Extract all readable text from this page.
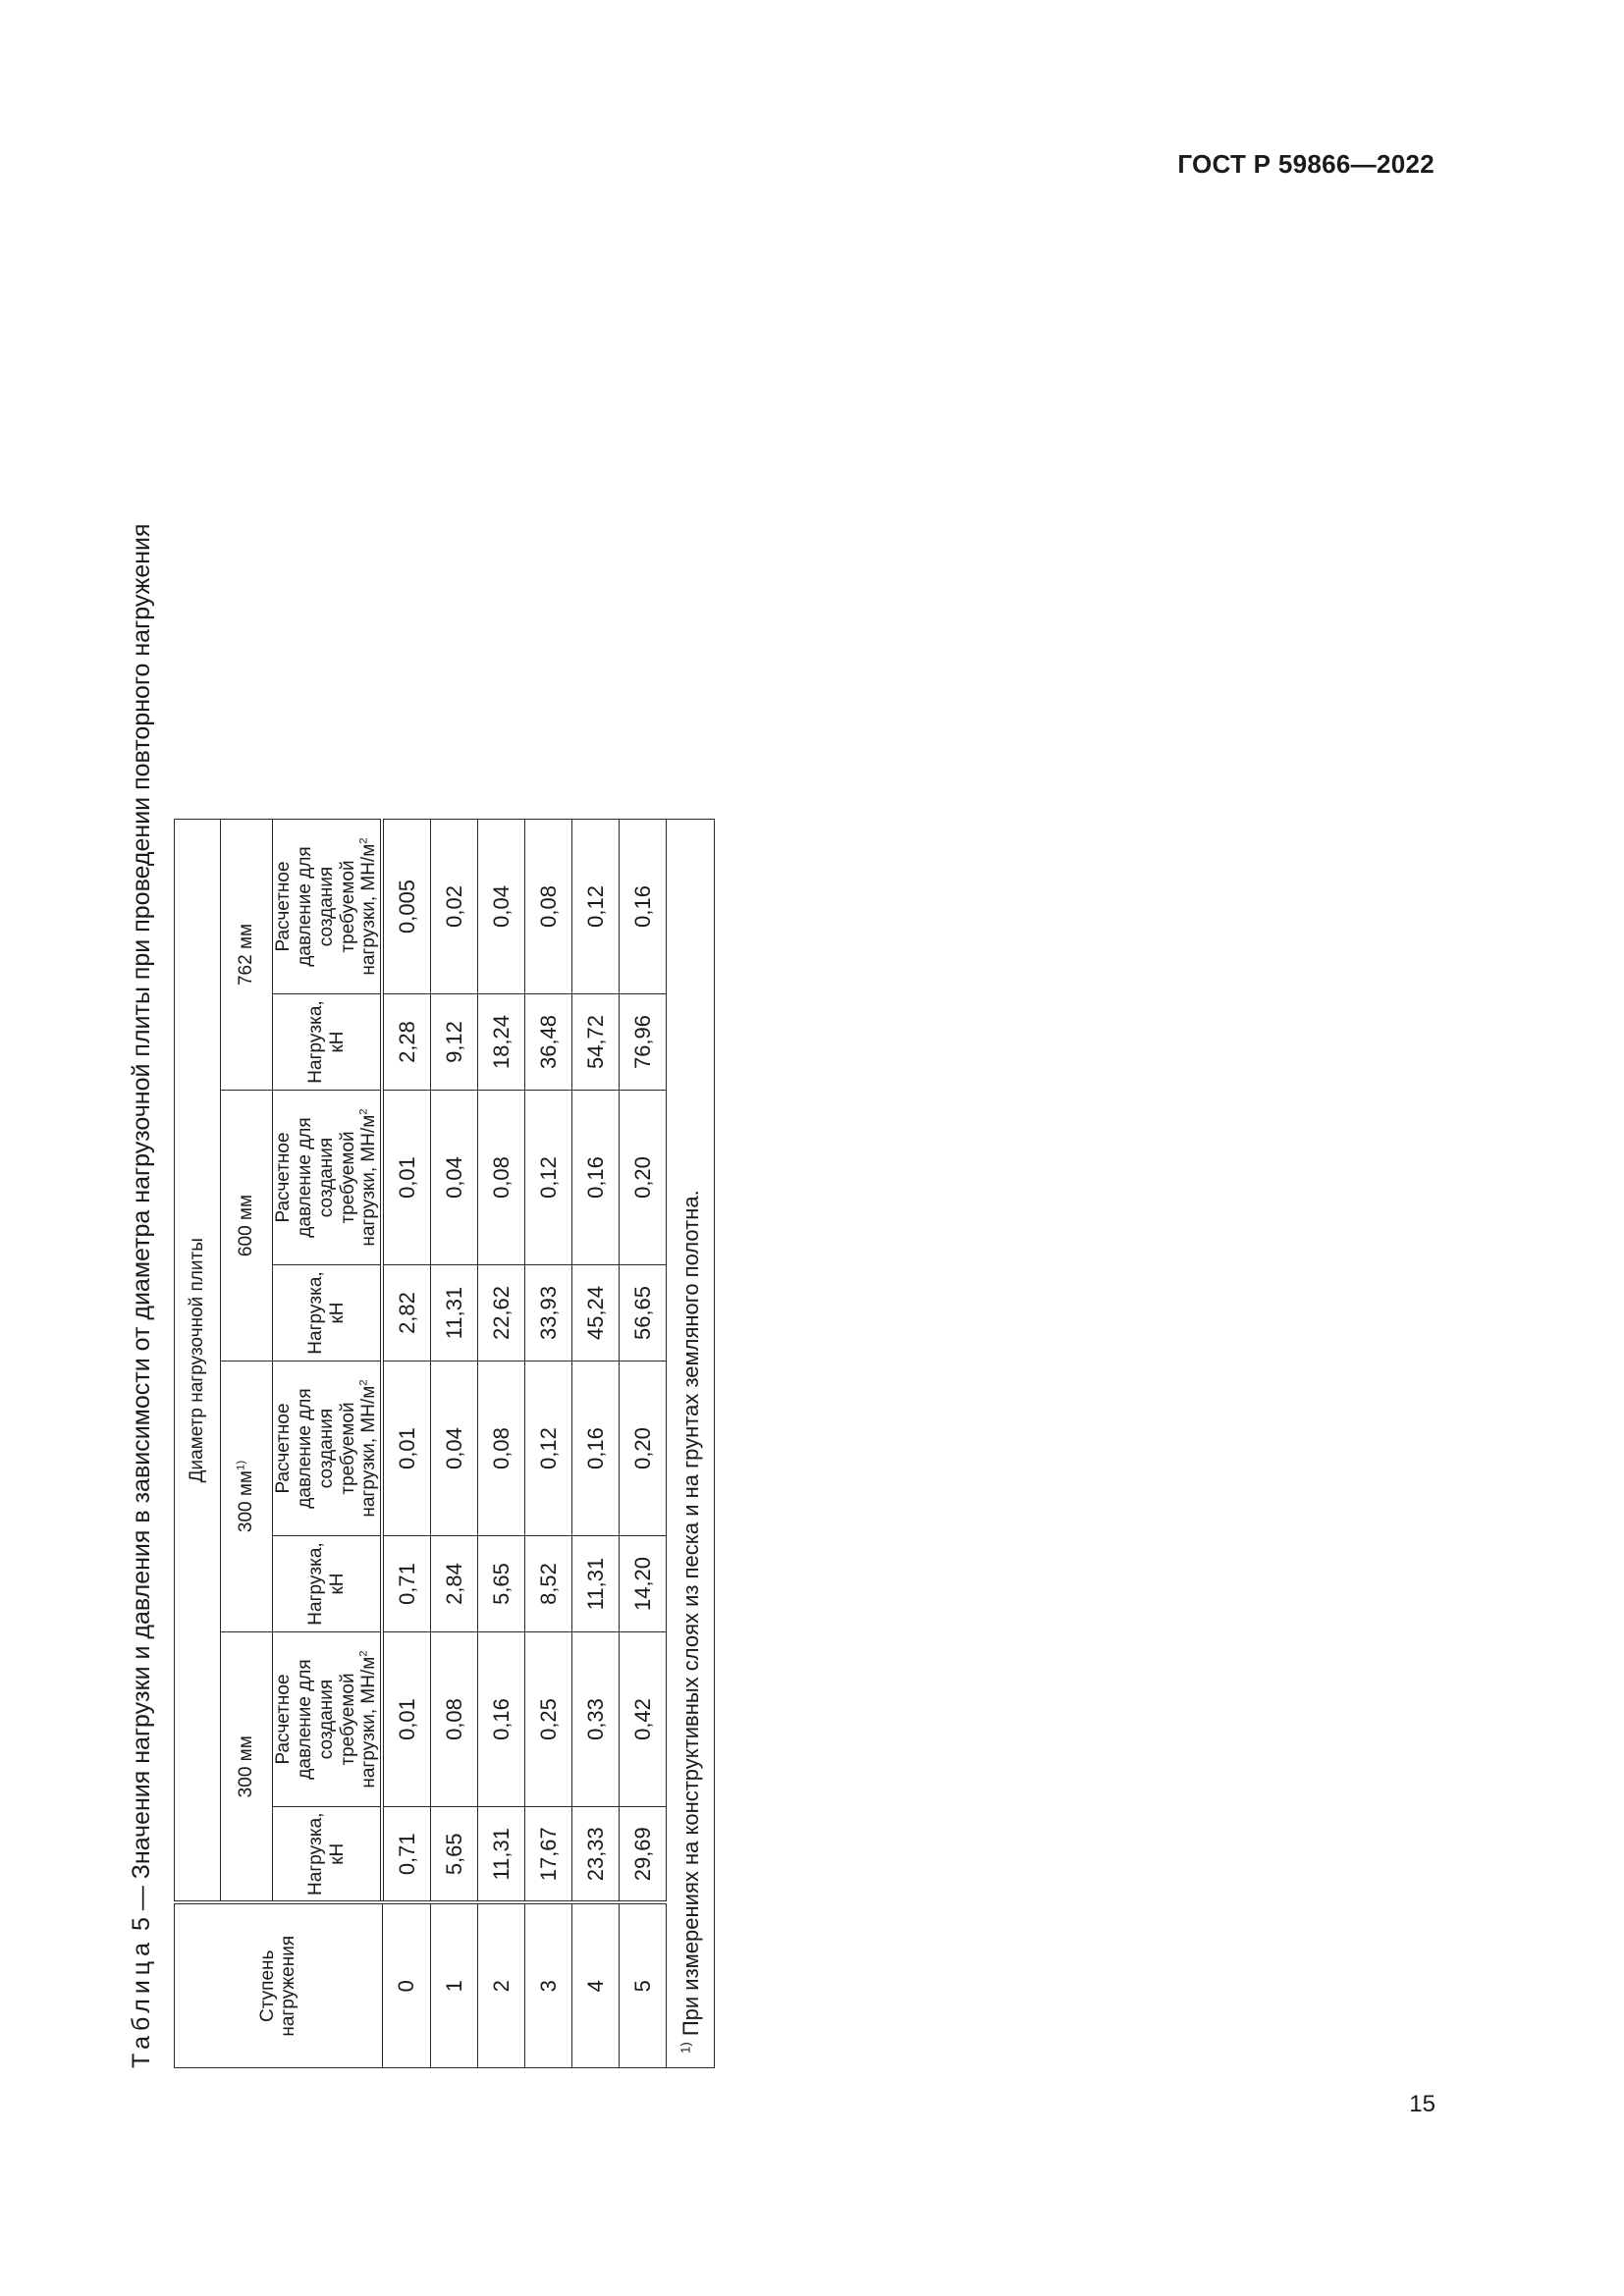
ГОСТ Р 59866—2022
Таблица 5 — Значения нагрузки и давления в зависимости от диаметра нагрузочной плиты при проведении повторного нагружения
Ступень нагружения	Диаметр нагрузочной плиты								
	300 мм		300 $мм^{1)}$		600 мм		762 мм		
	Нагрузка, кН	Расчетное давление для создания требуемой нагрузки, $МН/м^2$	Нагрузка, кН	Расчетное давление для создания требуемой нагрузки, $МН/м^2$	Нагрузка, кН	Расчетное давление для создания требуемой нагрузки, $МН/м^2$	Нагрузка, кН	Расчетное давление для создания требуемой нагрузки, $МН/м^2$
0	0,71	0,01	0,71	0,01	2,82	0,01	2,28	0,005	
1	5,65	0,08	2,84	0,04	11,31	0,04	9,12	0,02	
2	11,31	0,16	5,65	0,08	22,62	0,08	18,24	0,04	
3	17,67	0,25	8,52	0,12	33,93	0,12	36,48	0,08	
4	23,33	0,33	11,31	0,16	45,24	0,16	54,72	0,12	
5	29,69	0,42	14,20	0,20	56,65	0,20	76,96	0,16	
$^{1)}$ При измерениях на конструктивных слоях из песка и на грунтах земляного полотна.									
15
